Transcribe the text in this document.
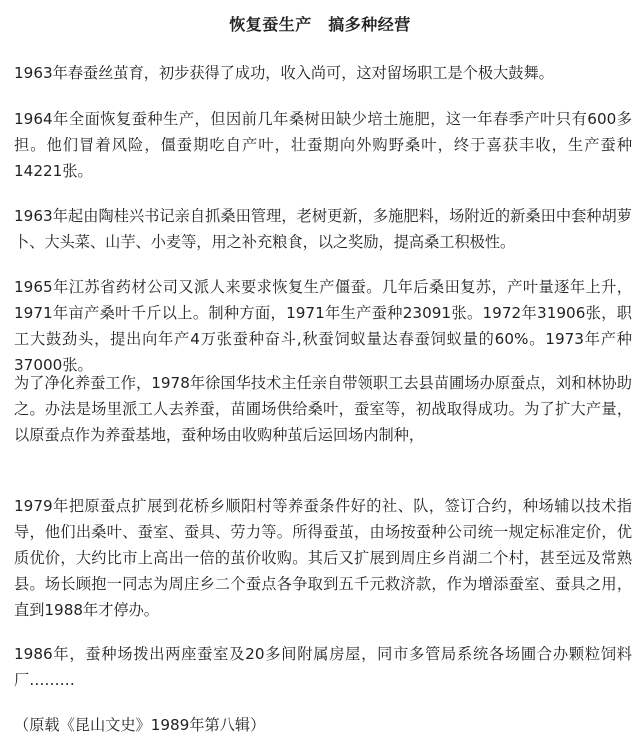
恢复蚕生产　搞多种经营

1963年春蚕丝茧育，初步获得了成功，收入尚可，这对留场职工是个极大鼓舞。

1964年全面恢复蚕种生产，但因前几年桑树田缺少培土施肥，这一年春季产叶只有600多担。他们冒着风险，僵蚕期吃自产叶，壮蚕期向外购野桑叶，终于喜获丰收，生产蚕种14221张。

1963年起由陶桂兴书记亲自抓桑田管理，老树更新，多施肥料，场附近的新桑田中套种胡萝卜、大头菜、山芋、小麦等，用之补充粮食，以之奖励，提高桑工积极性。

1965年江苏省药材公司又派人来要求恢复生产僵蚕。几年后桑田复苏，产叶量逐年上升，1971年亩产桑叶千斤以上。制种方面，1971年生产蚕种23091张。1972年31906张，职工大鼓劲头，提出向年产4万张蚕种奋斗,秋蚕饲蚁量达春蚕饲蚁量的60%。1973年产种37000张。

为了净化养蚕工作，1978年徐国华技术主任亲自带领职工去县苗圃场办原蚕点，刘和林协助之。办法是场里派工人去养蚕，苗圃场供给桑叶，蚕室等，初战取得成功。为了扩大产量，以原蚕点作为养蚕基地，蚕种场由收购种茧后运回场内制种，

1979年把原蚕点扩展到花桥乡顺阳村等养蚕条件好的社、队，签订合约，种场辅以技术指导，他们出桑叶、蚕室、蚕具、劳力等。所得蚕茧，由场按蚕种公司统一规定标准定价，优质优价，大约比市上高出一倍的茧价收购。其后又扩展到周庄乡肖湖二个村，甚至远及常熟县。场长顾抱一同志为周庄乡二个蚕点各争取到五千元救济款，作为增添蚕室、蚕具之用，直到1988年才停办。

1986年，蚕种场拨出两座蚕室及20多间附属房屋，同市多管局系统各场圃合办颗粒饲料厂………

（原载《昆山文史》1989年第八辑）
